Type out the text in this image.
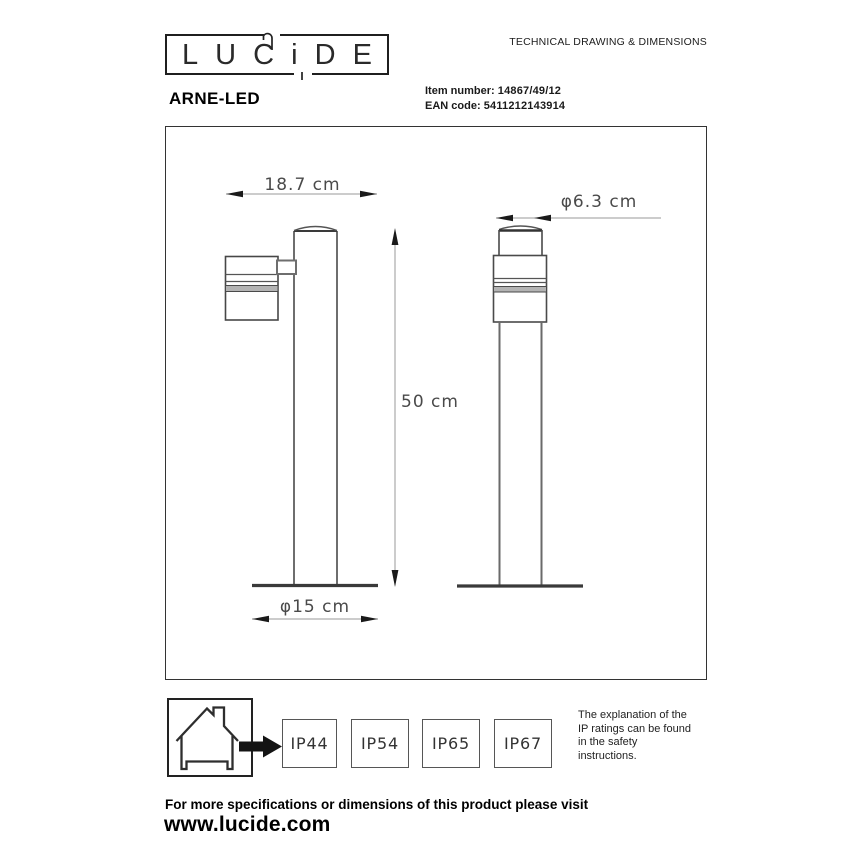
L U C i D E	TECHNICAL DRAWING & DIMENSIONS
ARNE-LED	Item number: 14867/49/12
EAN code: 5411212143914
18.7 cm
50 cm
φ6.3 cm
φ15 cm
IP44	IP54	IP65	IP67
The explanation of the
IP ratings can be found
in the safety
instructions.
For more specifications or dimensions of this product please visit
www.lucide.com
